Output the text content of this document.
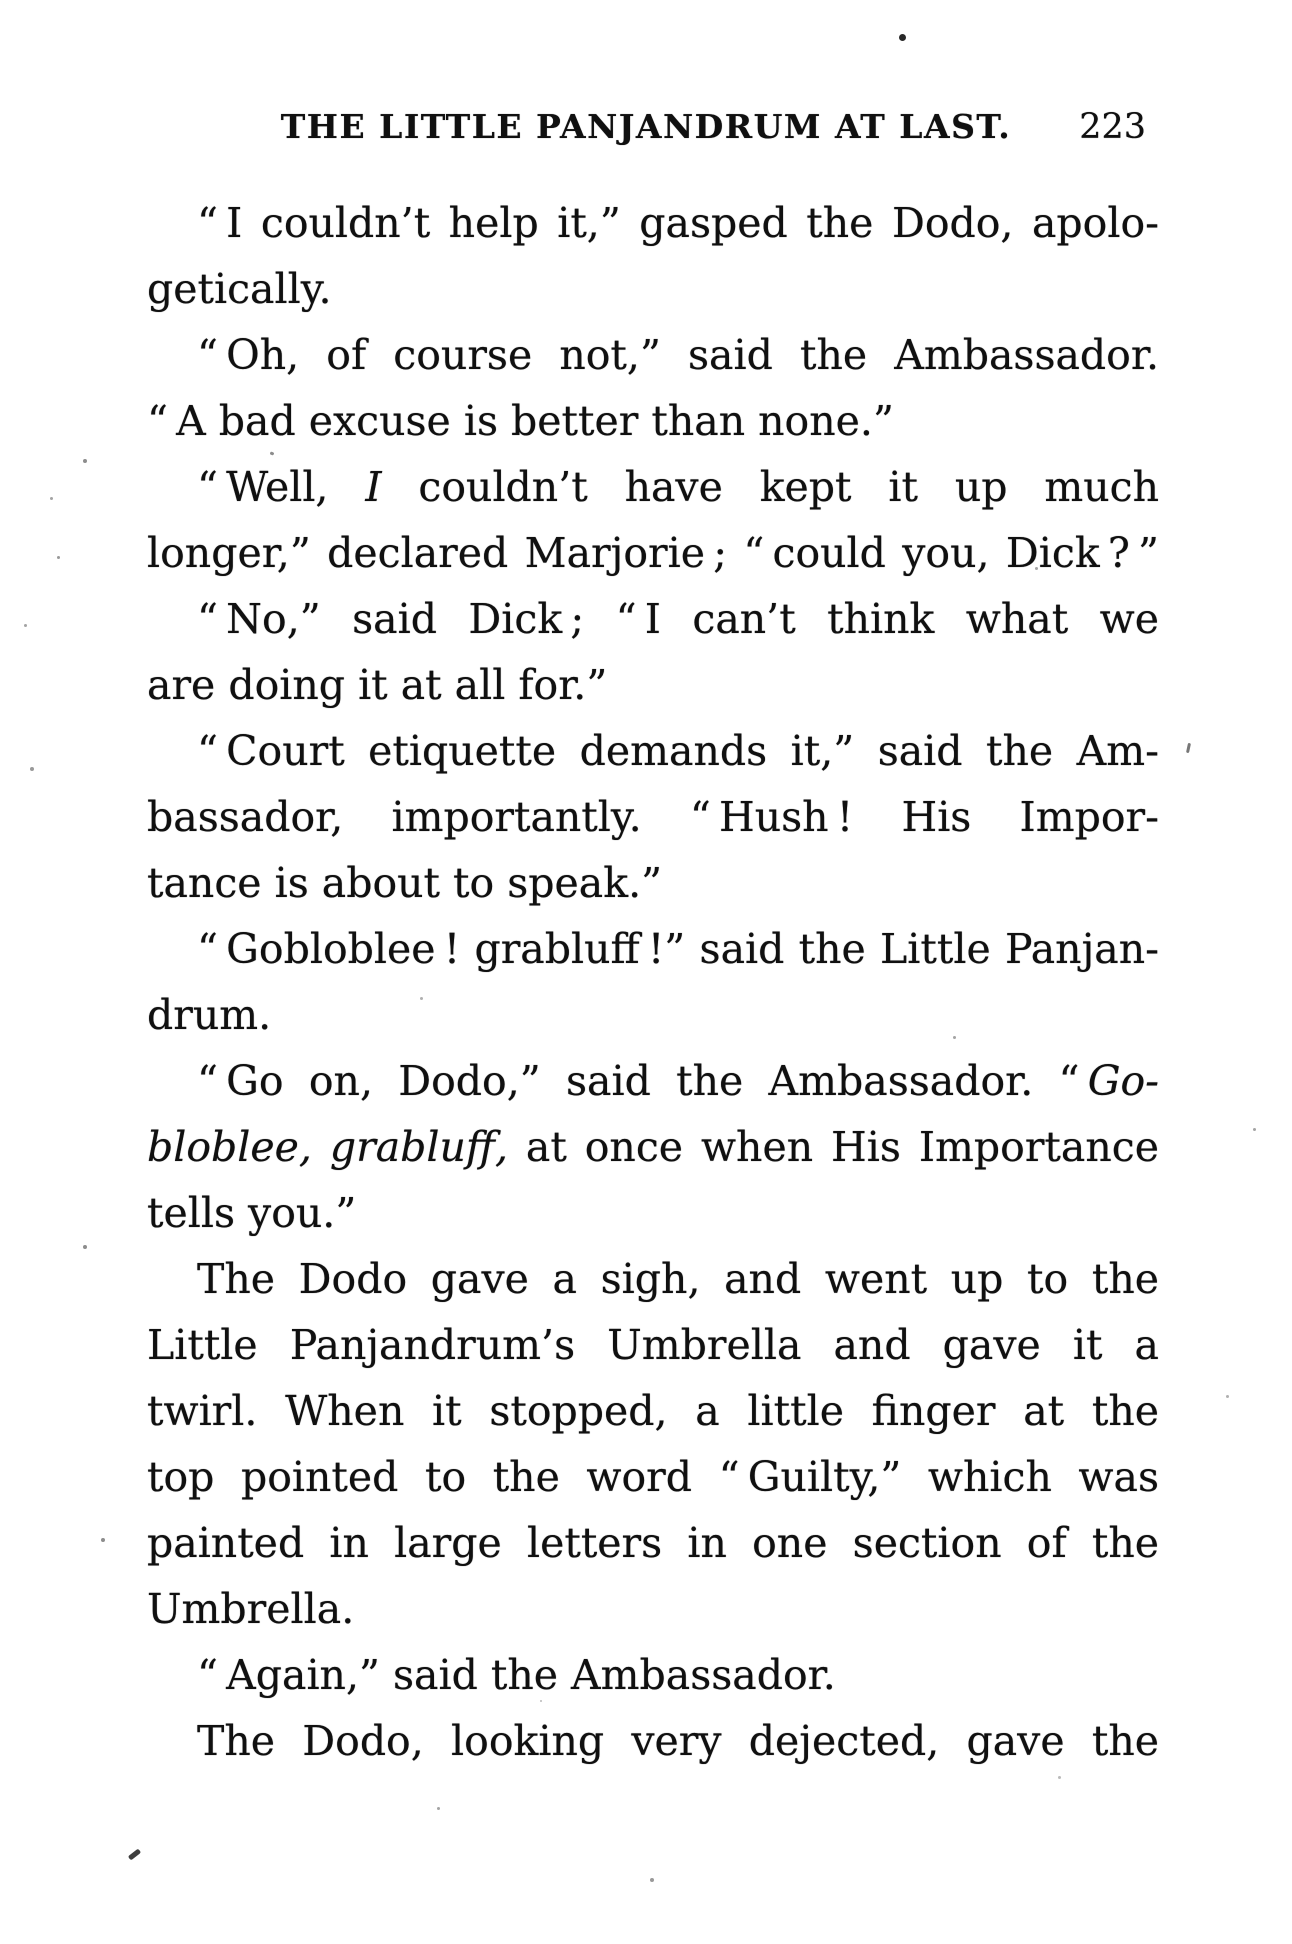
THE LITTLE PANJANDRUM AT LAST.	223
“ I couldn’t help it,” gasped the Dodo, apolo-
getically.
“ Oh, of course not,” said the Ambassador.
“ A bad excuse is better than none.”
“ Well, I couldn’t have kept it up much
longer,” declared Marjorie ; “ could you, Dick ? ”
“ No,” said Dick ; “ I can’t think what we
are doing it at all for.”
“ Court etiquette demands it,” said the Am-
bassador, importantly. “ Hush ! His Impor-
tance is about to speak.”
“ Gobloblee ! grabluff !” said the Little Panjan-
drum.
“ Go on, Dodo,” said the Ambassador. “ Go-
bloblee, grabluff, at once when His Importance
tells you.”
The Dodo gave a sigh, and went up to the
Little Panjandrum’s Umbrella and gave it a
twirl. When it stopped, a little finger at the
top pointed to the word “ Guilty,” which was
painted in large letters in one section of the
Umbrella.
“ Again,” said the Ambassador.
The Dodo, looking very dejected, gave the
